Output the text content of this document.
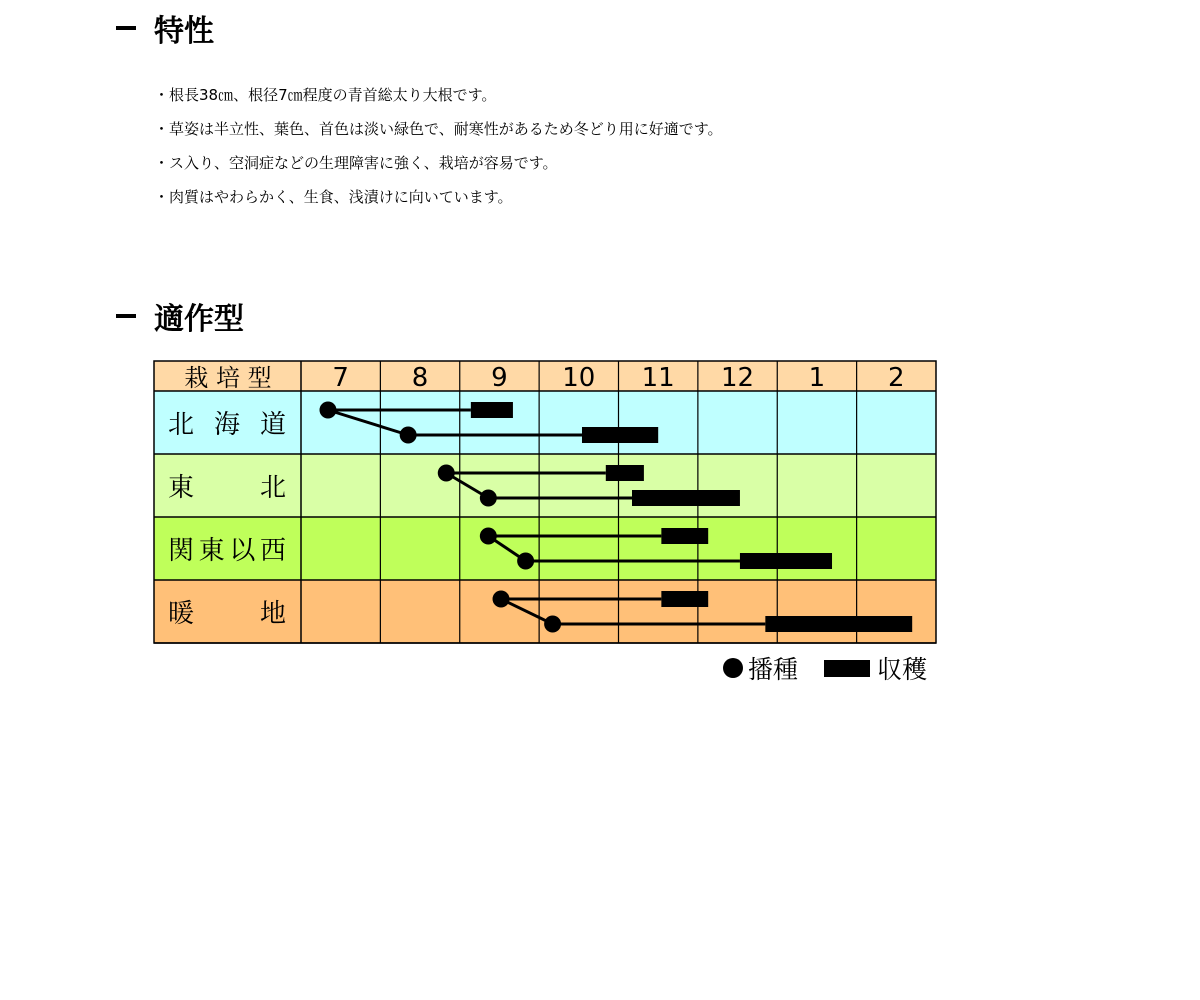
特性
・根長38㎝、根径7㎝程度の青首総太り大根です。
・草姿は半立性、葉色、首色は淡い緑色で、耐寒性があるため冬どり用に好適です。
・ス入り、空洞症などの生理障害に強く、栽培が容易です。
・肉質はやわらかく、生食、浅漬けに向いています。
適作型
栽 培 型 7 8 9 10 11 12 1 2
北 海 道
東 北
関東以西
暖 地
播種	収穫
